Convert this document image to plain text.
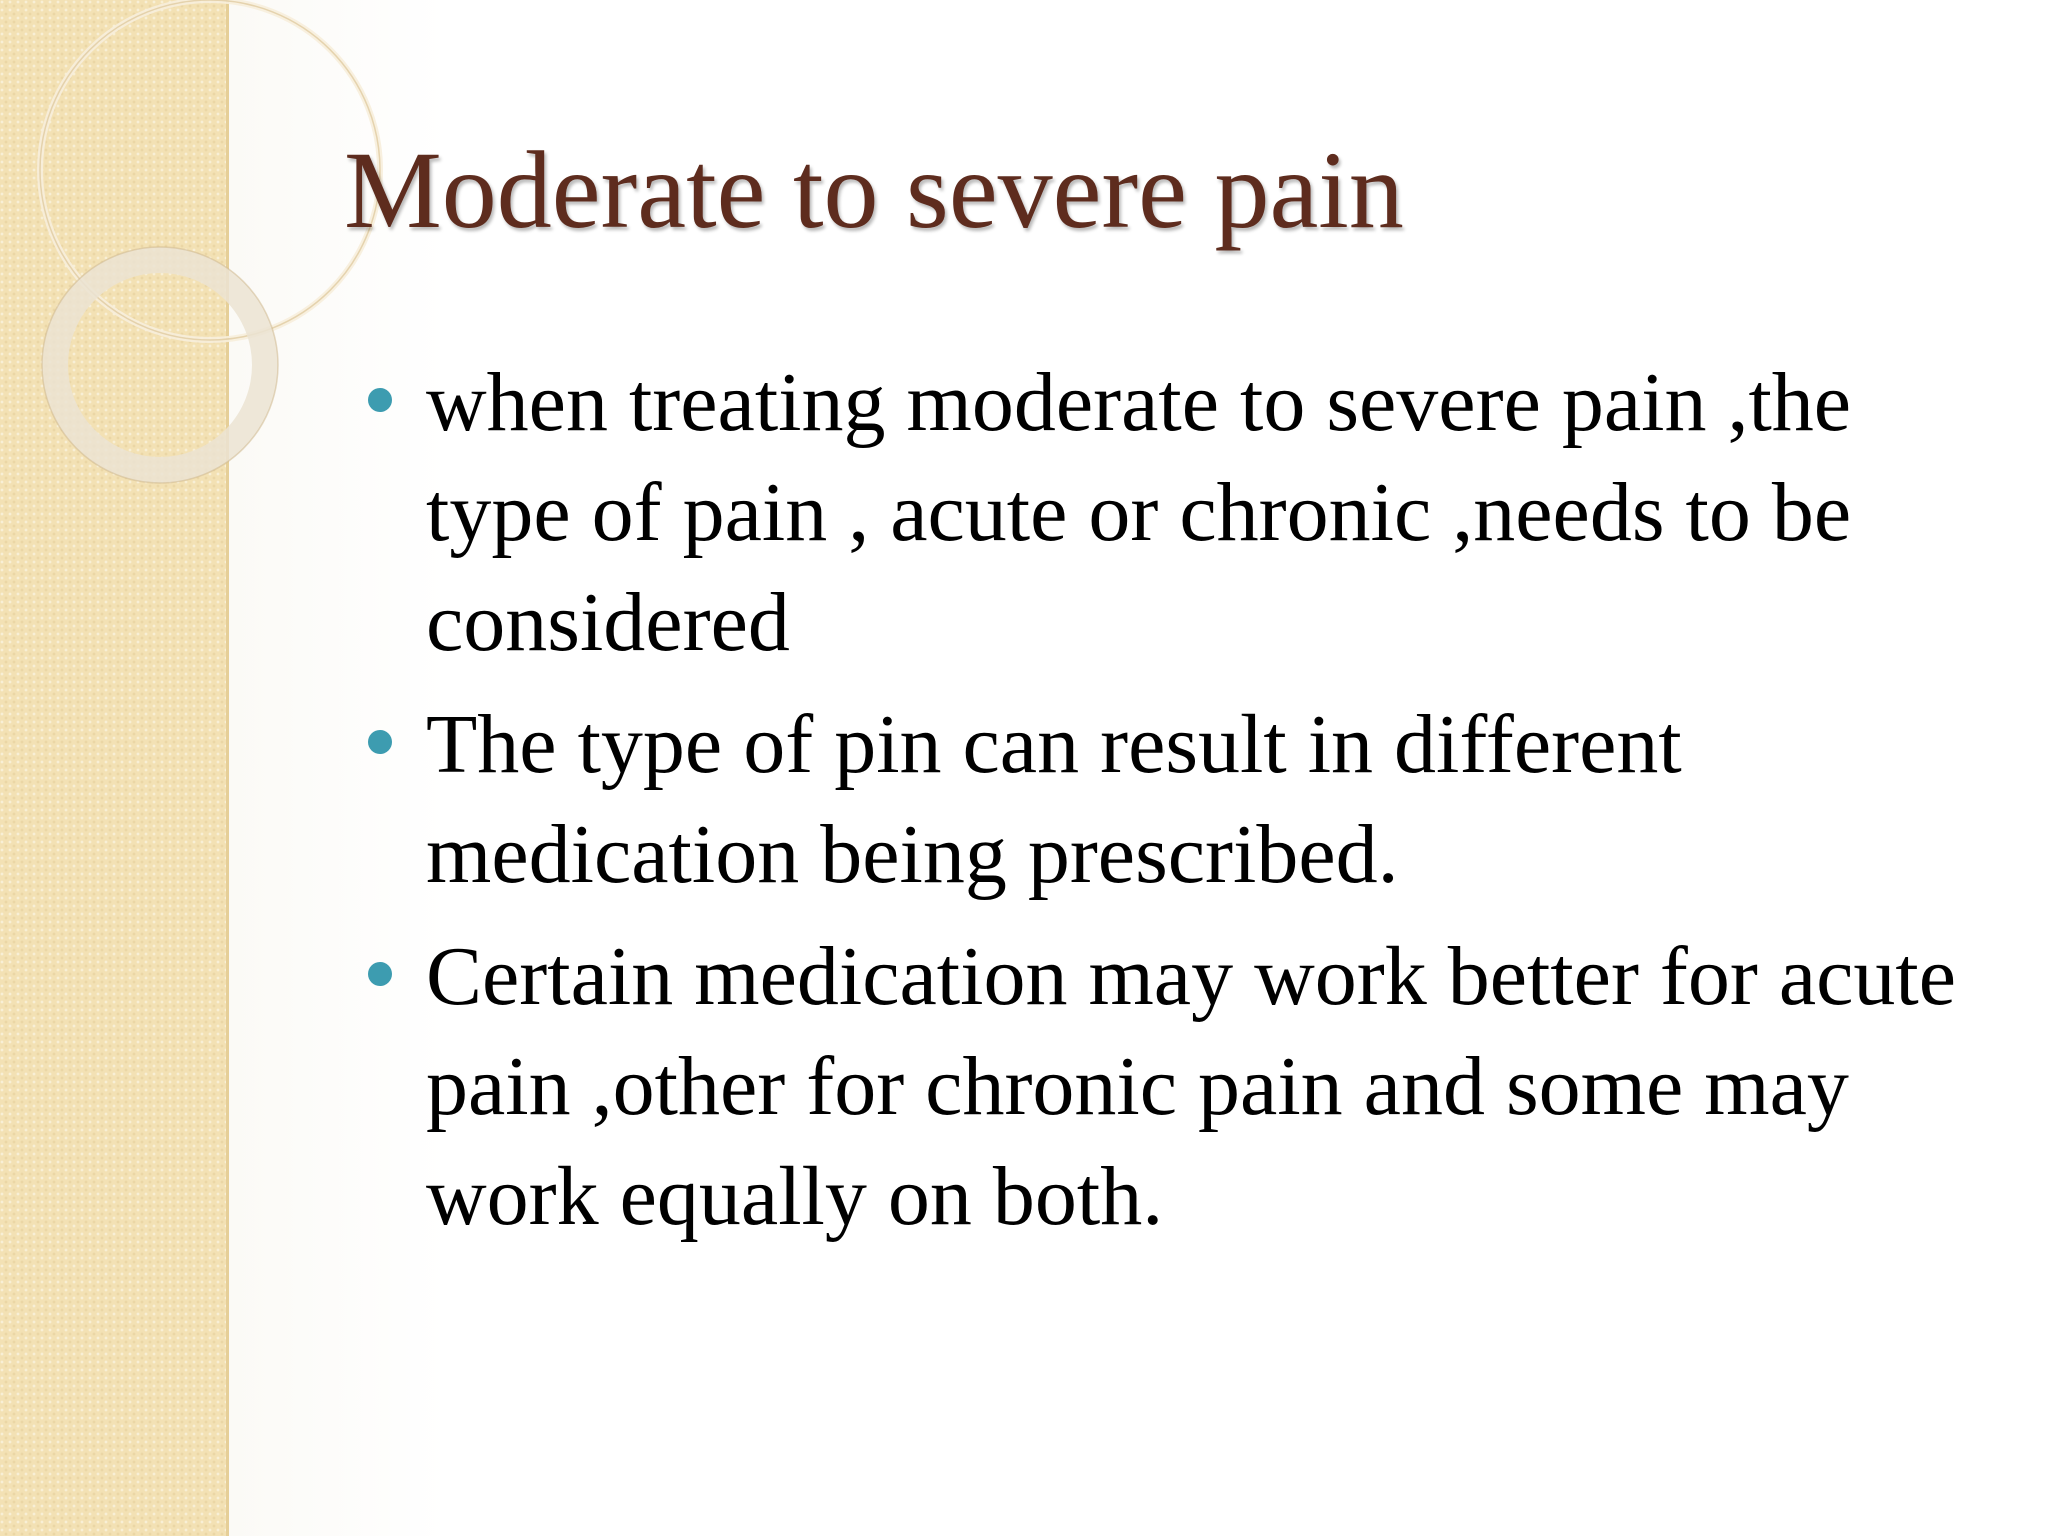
Moderate to severe pain
when treating moderate to severe pain ,the type of pain , acute or chronic ,needs to be considered
The type of pin can result in different medication being prescribed.
Certain medication may work better for acute pain ,other for chronic pain and some may work equally on both.
